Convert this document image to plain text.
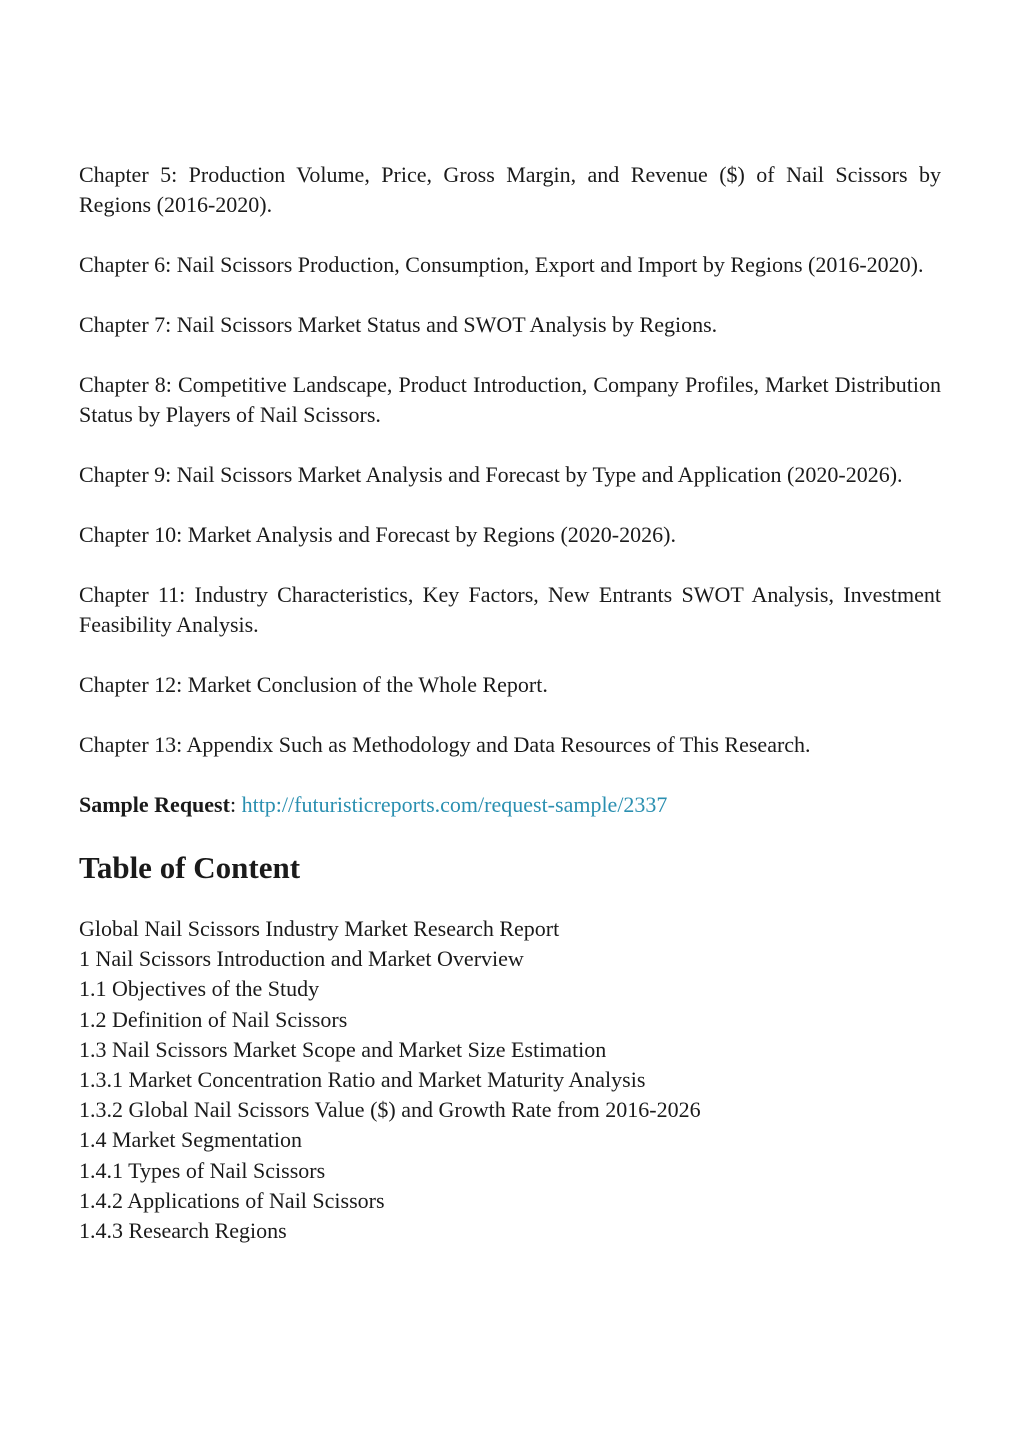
Chapter 5: Production Volume, Price, Gross Margin, and Revenue ($) of Nail Scissors by Regions (2016-2020).

Chapter 6: Nail Scissors Production, Consumption, Export and Import by Regions (2016-2020).

Chapter 7: Nail Scissors Market Status and SWOT Analysis by Regions.

Chapter 8: Competitive Landscape, Product Introduction, Company Profiles, Market Distribution Status by Players of Nail Scissors.

Chapter 9: Nail Scissors Market Analysis and Forecast by Type and Application (2020-2026).

Chapter 10: Market Analysis and Forecast by Regions (2020-2026).

Chapter 11: Industry Characteristics, Key Factors, New Entrants SWOT Analysis, Investment Feasibility Analysis.

Chapter 12: Market Conclusion of the Whole Report.

Chapter 13: Appendix Such as Methodology and Data Resources of This Research.

Sample Request: http://futuristicreports.com/request-sample/2337

Table of Content
Global Nail Scissors Industry Market Research Report
1 Nail Scissors Introduction and Market Overview
1.1 Objectives of the Study
1.2 Definition of Nail Scissors
1.3 Nail Scissors Market Scope and Market Size Estimation
1.3.1 Market Concentration Ratio and Market Maturity Analysis
1.3.2 Global Nail Scissors Value ($) and Growth Rate from 2016-2026
1.4 Market Segmentation
1.4.1 Types of Nail Scissors
1.4.2 Applications of Nail Scissors
1.4.3 Research Regions
